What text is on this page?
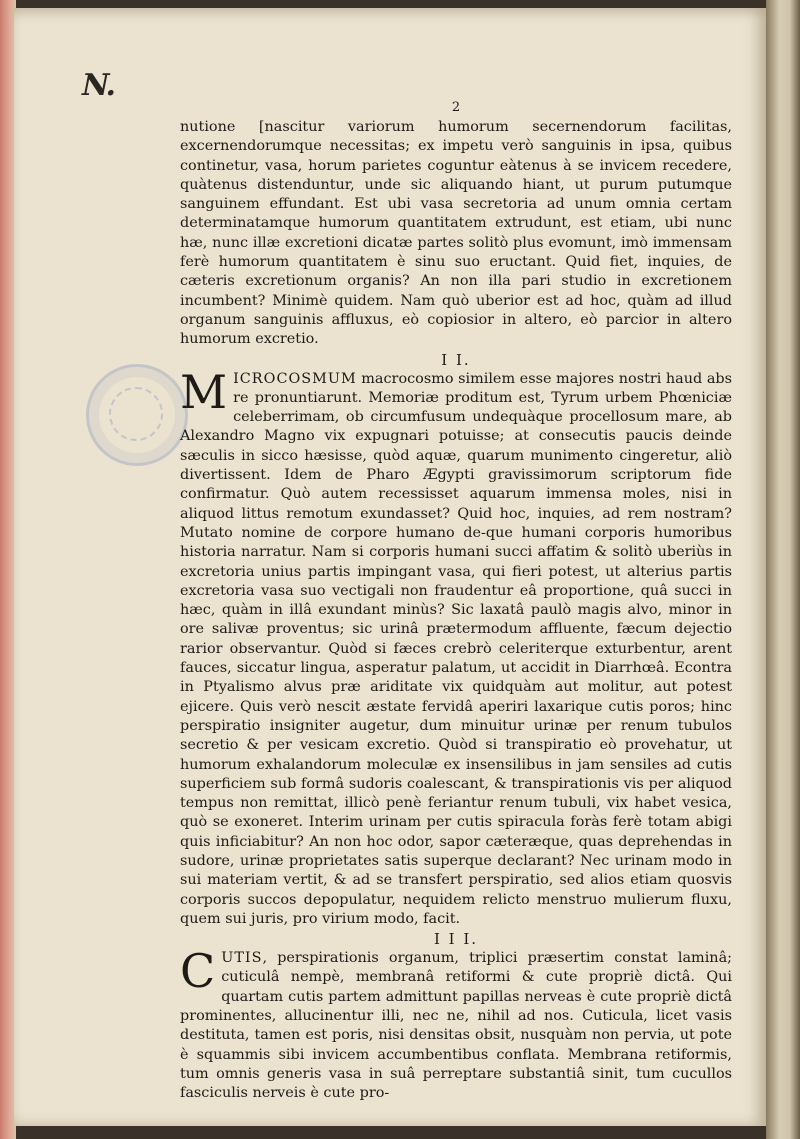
N.
2

nutione [nascitur variorum humorum secernendorum facilitas, excernendorumque necessitas; ex impetu verò sanguinis in ipsa, quibus continetur, vasa, horum parietes coguntur eàtenus à se invicem recedere, quàtenus distenduntur, unde sic aliquando hiant, ut purum putumque sanguinem effundant. Est ubi vasa secretoria ad unum omnia certam determinatamque humorum quantitatem extrudunt, est etiam, ubi nunc hæ, nunc illæ excretioni dicatæ partes solitò plus evomunt, imò immensam ferè humorum quantitatem è sinu suo eructant. Quid fiet, inquies, de cæteris excretionum organis? An non illa pari studio in excretionem incumbent? Minimè quidem. Nam quò uberior est ad hoc, quàm ad illud organum sanguinis affluxus, eò copiosior in altero, eò parcior in altero humorum excretio.

I I.

MICROCOSMUM macrocosmo similem esse majores nostri haud abs re pronuntiarunt. Memoriæ proditum est, Tyrum urbem Phœniciæ celeberrimam, ob circumfusum undequàque procellosum mare, ab Alexandro Magno vix expugnari potuisse; at consecutis paucis deinde sæculis in sicco hæsisse, quòd aquæ, quarum munimento cingeretur, aliò divertissent. Idem de Pharo Ægypti gravissimorum scriptorum fide confirmatur. Quò autem recessisset aquarum immensa moles, nisi in aliquod littus remotum exundasset? Quid hoc, inquies, ad rem nostram? Mutato nomine de corpore humano de-que humani corporis humoribus historia narratur. Nam si corporis humani succi affatim & solitò uberiùs in excretoria unius partis impingant vasa, qui fieri potest, ut alterius partis excretoria vasa suo vectigali non fraudentur eâ proportione, quâ succi in hæc, quàm in illâ exundant minùs? Sic laxatâ paulò magis alvo, minor in ore salivæ proventus; sic urinâ prætermodum affluente, fæcum dejectio rarior observantur. Quòd si fæces crebrò celeriterque exturbentur, arent fauces, siccatur lingua, asperatur palatum, ut accidit in Diarrhœâ. Econtra in Ptyalismo alvus præ ariditate vix quidquàm aut molitur, aut potest ejicere. Quis verò nescit æstate fervidâ aperiri laxarique cutis poros; hinc perspiratio insigniter augetur, dum minuitur urinæ per renum tubulos secretio & per vesicam excretio. Quòd si transpiratio eò provehatur, ut humorum exhalandorum moleculæ ex insensilibus in jam sensiles ad cutis superficiem sub formâ sudoris coalescant, & transpirationis vis per aliquod tempus non remittat, illicò penè feriantur renum tubuli, vix habet vesica, quò se exoneret. Interim urinam per cutis spiracula foràs ferè totam abigi quis inficiabitur? An non hoc odor, sapor cæteræque, quas deprehendas in sudore, urinæ proprietates satis superque declarant? Nec urinam modo in sui materiam vertit, & ad se transfert perspiratio, sed alios etiam quosvis corporis succos depopulatur, nequidem relicto menstruo mulierum fluxu, quem sui juris, pro virium modo, facit.

I I I.

CUTIS, perspirationis organum, triplici præsertim constat laminâ; cuticulâ nempè, membranâ retiformi & cute propriè dictâ. Qui quartam cutis partem admittunt papillas nerveas è cute propriè dictâ prominentes, allucinentur illi, nec ne, nihil ad nos. Cuticula, licet vasis destituta, tamen est poris, nisi densitas obsit, nusquàm non pervia, ut pote è squammis sibi invicem accumbentibus conflata. Membrana retiformis, tum omnis generis vasa in suâ perreptare substantiâ sinit, tum cucullos fasciculis nerveis è cute pro-
